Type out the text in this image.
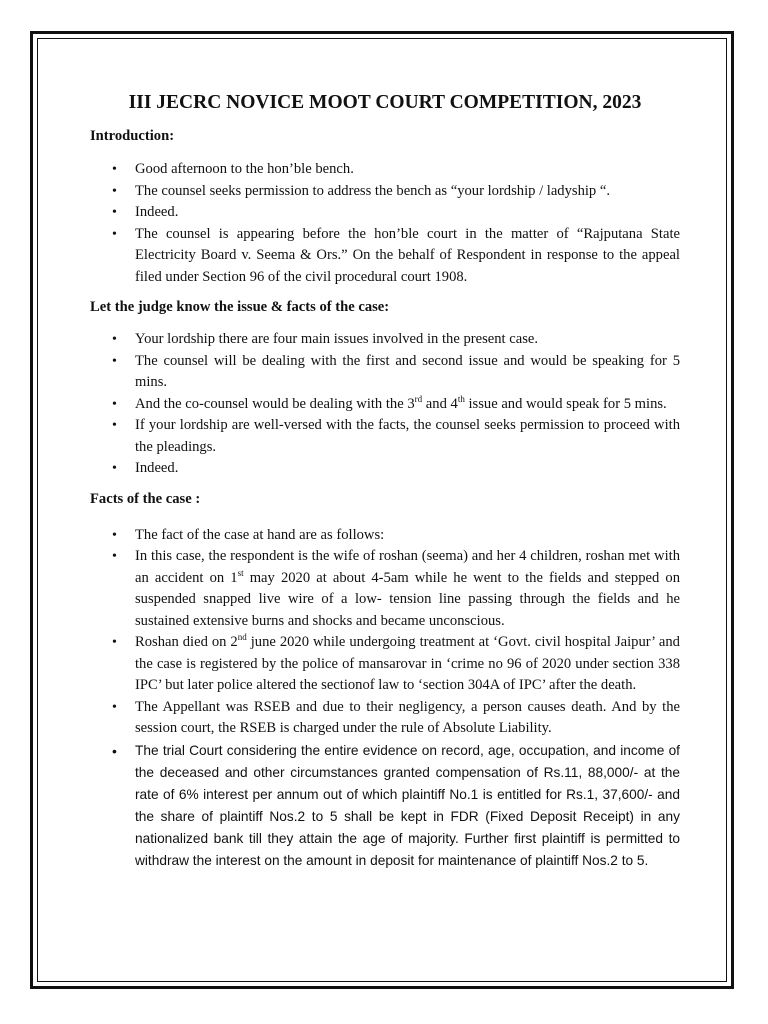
III JECRC NOVICE MOOT COURT COMPETITION, 2023
Introduction:
• Good afternoon to the hon’ble bench.
• The counsel seeks permission to address the bench as “your lordship / ladyship “.
• Indeed.
• The counsel is appearing before the hon’ble court in the matter of “Rajputana State Electricity Board v. Seema & Ors.” On the behalf of Respondent in response to the appeal filed under Section 96 of the civil procedural court 1908.
Let the judge know the issue & facts of the case:
• Your lordship there are four main issues involved in the present case.
• The counsel will be dealing with the first and second issue and would be speaking for 5 mins.
• And the co-counsel would be dealing with the 3rd and 4th issue and would speak for 5 mins.
• If your lordship are well-versed with the facts, the counsel seeks permission to proceed with the pleadings.
• Indeed.
Facts of the case :
• The fact of the case at hand are as follows:
• In this case, the respondent is the wife of roshan (seema) and her 4 children, roshan met with an accident on 1st may 2020 at about 4-5am while he went to the fields and stepped on suspended snapped live wire of a low- tension line passing through the fields and he sustained extensive burns and shocks and became unconscious.
• Roshan died on 2nd june 2020 while undergoing treatment at ‘Govt. civil hospital Jaipur’ and the case is registered by the police of mansarovar in ‘crime no 96 of 2020 under section 338 IPC’ but later police altered the sectionof law to ‘section 304A of IPC’ after the death.
• The Appellant was RSEB and due to their negligency, a person causes death. And by the session court, the RSEB is charged under the rule of Absolute Liability.
• The trial Court considering the entire evidence on record, age, occupation, and income of the deceased and other circumstances granted compensation of Rs.11, 88,000/- at the rate of 6% interest per annum out of which plaintiff No.1 is entitled for Rs.1, 37,600/- and the share of plaintiff Nos.2 to 5 shall be kept in FDR (Fixed Deposit Receipt) in any nationalized bank till they attain the age of majority. Further first plaintiff is permitted to withdraw the interest on the amount in deposit for maintenance of plaintiff Nos.2 to 5.
